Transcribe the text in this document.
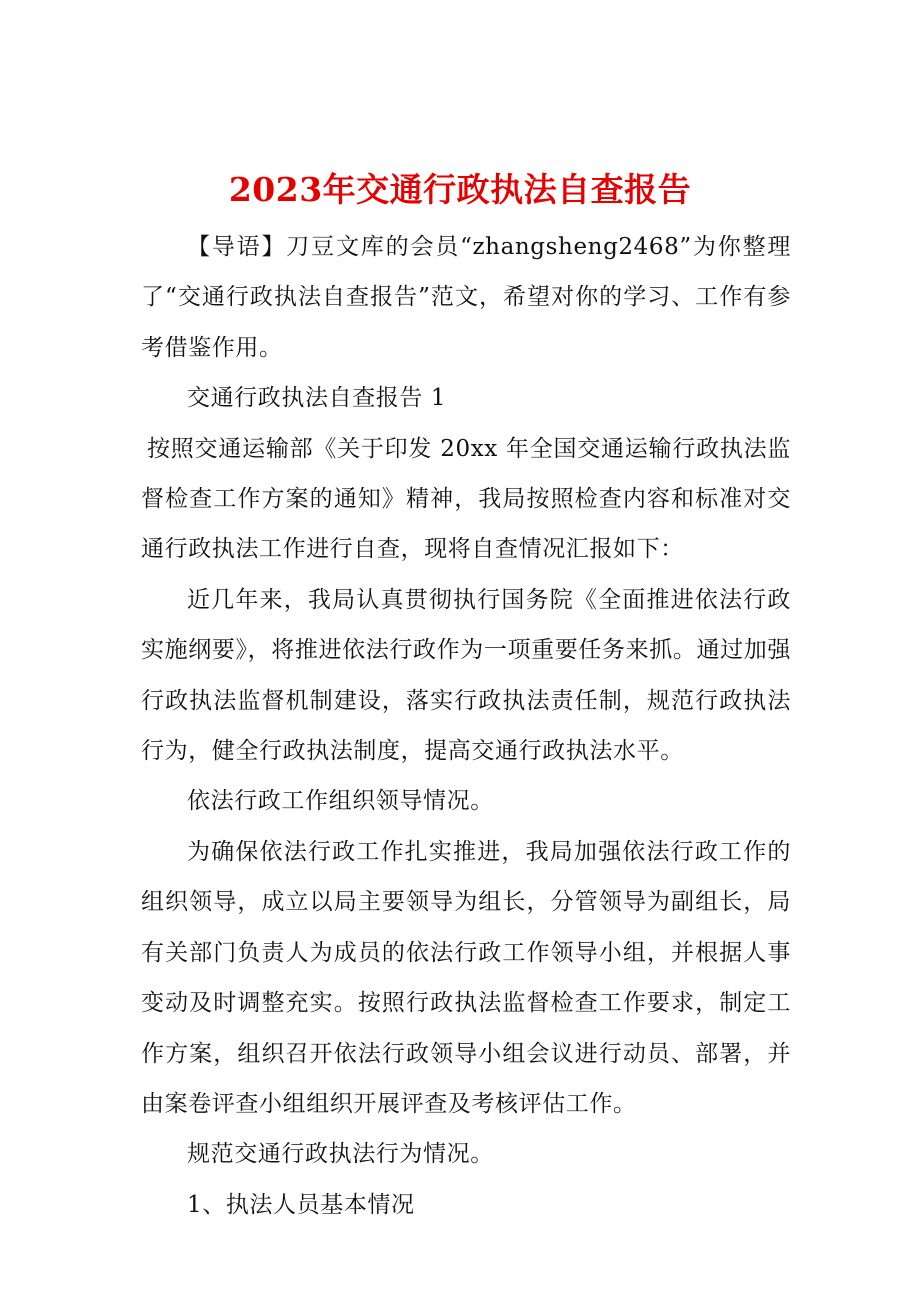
2023年交通行政执法自查报告

【导语】刀豆文库的会员“zhangsheng2468”为你整理了“交通行政执法自查报告”范文，希望对你的学习、工作有参考借鉴作用。

交通行政执法自查报告 1

按照交通运输部《关于印发 20xx 年全国交通运输行政执法监督检查工作方案的通知》精神，我局按照检查内容和标准对交通行政执法工作进行自查，现将自查情况汇报如下：

近几年来，我局认真贯彻执行国务院《全面推进依法行政实施纲要》，将推进依法行政作为一项重要任务来抓。通过加强行政执法监督机制建设，落实行政执法责任制，规范行政执法行为，健全行政执法制度，提高交通行政执法水平。

依法行政工作组织领导情况。

为确保依法行政工作扎实推进，我局加强依法行政工作的组织领导，成立以局主要领导为组长，分管领导为副组长，局有关部门负责人为成员的依法行政工作领导小组，并根据人事变动及时调整充实。按照行政执法监督检查工作要求，制定工作方案，组织召开依法行政领导小组会议进行动员、部署，并由案卷评查小组组织开展评查及考核评估工作。

规范交通行政执法行为情况。

1、执法人员基本情况
